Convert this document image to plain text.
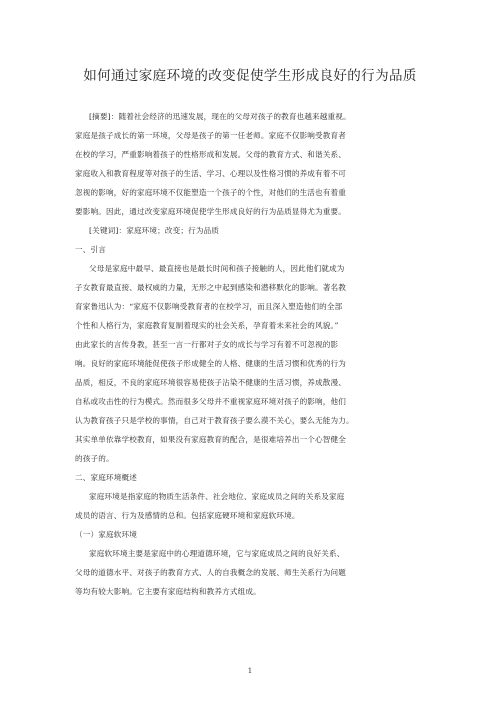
如何通过家庭环境的改变促使学生形成良好的行为品质
[摘要]：随着社会经济的迅速发展，现在的父母对孩子的教育也越来越重视。
家庭是孩子成长的第一环境，父母是孩子的第一任老师。家庭不仅影响受教育者
在校的学习，严重影响着孩子的性格形成和发展。父母的教育方式、和谐关系、
家庭收入和教育程度等对孩子的生活、学习、心理以及性格习惯的养成有着不可
忽视的影响，好的家庭环境不仅能塑造一个孩子的个性，对他们的生活也有着重
要影响。因此，通过改变家庭环境促使学生形成良好的行为品质显得尤为重要。
[关键词]：家庭环境；改变；行为品质
一、引言
父母是家庭中最早、最直接也是最长时间和孩子接触的人，因此他们就成为
子女教育最直接、最权威的力量，无形之中起到感染和潜移默化的影响。著名教
育家鲁迅认为：“家庭不仅影响受教育者的在校学习，而且深入塑造他们的全部
个性和人格行为，家庭教育复制着现实的社会关系，孕育着未来社会的风貌。”
由此家长的言传身教，甚至一言一行都对子女的成长与学习有着不可忽视的影
响。良好的家庭环境能促使孩子形成健全的人格、健康的生活习惯和优秀的行为
品质，相反，不良的家庭环境很容易使孩子沾染不健康的生活习惯，养成散漫、
自私或攻击性的行为模式。然而很多父母并不重视家庭环境对孩子的影响，他们
认为教育孩子只是学校的事情，自己对于教育孩子要么漠不关心，要么无能为力。
其实单单依靠学校教育，如果没有家庭教育的配合，是很难培养出一个心智健全
的孩子的。
二、家庭环境概述
家庭环境是指家庭的物质生活条件、社会地位、家庭成员之间的关系及家庭
成员的语言、行为及感情的总和。包括家庭硬环境和家庭软环境。
（一）家庭软环境
家庭软环境主要是家庭中的心理道德环境，它与家庭成员之间的良好关系、
父母的道德水平、对孩子的教育方式、人的自我概念的发展、师生关系行为问题
等均有较大影响。它主要有家庭结构和教养方式组成。
1
